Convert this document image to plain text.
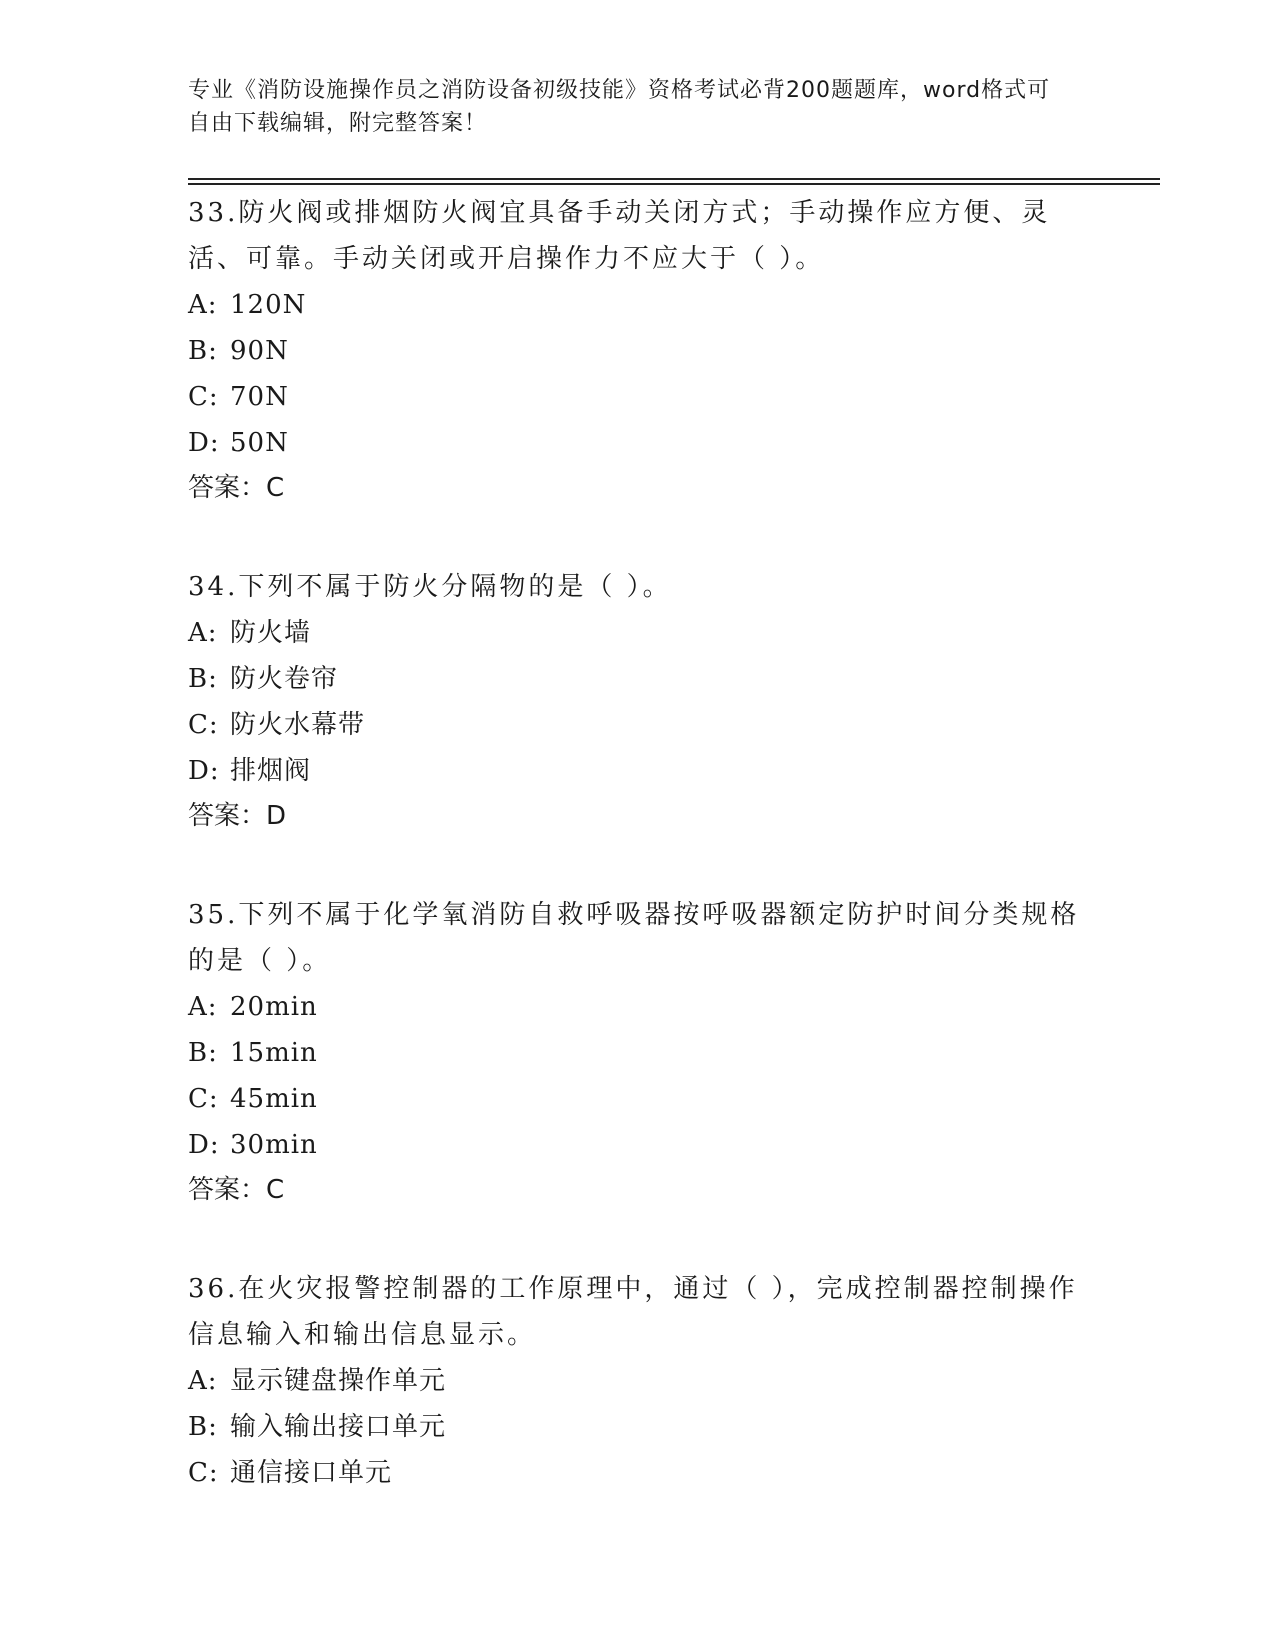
专业《消防设施操作员之消防设备初级技能》资格考试必背200题题库，word格式可自由下载编辑，附完整答案！

33.防火阀或排烟防火阀宜具备手动关闭方式；手动操作应方便、灵活、可靠。手动关闭或开启操作力不应大于（ ）。

A: 120N

B: 90N

C: 70N

D: 50N

答案：C

34.下列不属于防火分隔物的是（ ）。

A: 防火墙

B: 防火卷帘

C: 防火水幕带

D: 排烟阀

答案：D

35.下列不属于化学氧消防自救呼吸器按呼吸器额定防护时间分类规格的是（ ）。

A: 20min

B: 15min

C: 45min

D: 30min

答案：C

36.在火灾报警控制器的工作原理中，通过（ ），完成控制器控制操作信息输入和输出信息显示。

A: 显示键盘操作单元

B: 输入输出接口单元

C: 通信接口单元
